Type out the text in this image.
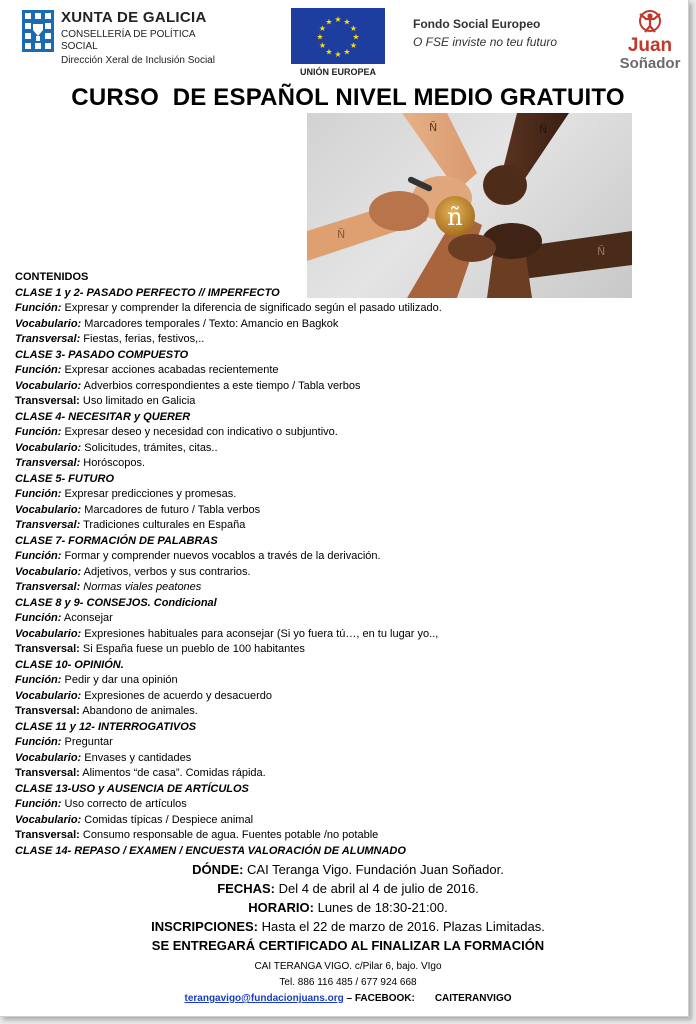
XUNTA DE GALICIA
CONSELLERÍA DE POLÍTICA
SOCIAL
Dirección Xeral de Inclusión Social
★ ★
★
★
★
★
★
★
★
★
★
★
UNIÓN EUROPEA
Fondo Social Europeo
O FSE inviste no teu futuro	Juan
Soñador
CURSO  DE ESPAÑOL NIVEL MEDIO GRATUITO
ñ
Ñ	Ñ
Ñ
Ñ
CONTENIDOS
CLASE 1 y 2- PASADO PERFECTO // IMPERFECTO
Función: Expresar y comprender la diferencia de significado según el pasado utilizado.
Vocabulario: Marcadores temporales / Texto: Amancio en Bagkok
Transversal: Fiestas, ferias, festivos,..
CLASE 3- PASADO COMPUESTO
Función: Expresar acciones acabadas recientemente
Vocabulario: Adverbios correspondientes a este tiempo / Tabla verbos
Transversal: Uso limitado en Galicia
CLASE 4- NECESITAR y QUERER
Función: Expresar deseo y necesidad con indicativo o subjuntivo.
Vocabulario: Solicitudes, trámites, citas..
Transversal: Horóscopos.
CLASE 5- FUTURO
Función: Expresar predicciones y promesas.
Vocabulario: Marcadores de futuro / Tabla verbos
Transversal: Tradiciones culturales en España
CLASE 7- FORMACIÓN DE PALABRAS
Función: Formar y comprender nuevos vocablos a través de la derivación.
Vocabulario: Adjetivos, verbos y sus contrarios.
Transversal: Normas viales peatones
CLASE 8 y 9- CONSEJOS. Condicional
Función: Aconsejar
Vocabulario: Expresiones habituales para aconsejar (Si yo fuera tú…, en tu lugar yo..,
Transversal: Si España fuese un pueblo de 100 habitantes
CLASE 10- OPINIÓN.
Función: Pedir y dar una opinión
Vocabulario: Expresiones de acuerdo y desacuerdo
Transversal: Abandono de animales.
CLASE 11 y 12- INTERROGATIVOS
Función: Preguntar
Vocabulario: Envases y cantidades
Transversal: Alimentos “de casa”. Comidas rápida.
CLASE 13-USO y AUSENCIA DE ARTÍCULOS
Función: Uso correcto de artículos
Vocabulario: Comidas típicas / Despiece animal
Transversal: Consumo responsable de agua. Fuentes potable /no potable
CLASE 14- REPASO / EXAMEN / ENCUESTA VALORACIÓN DE ALUMNADO
DÓNDE: CAI Teranga Vigo. Fundación Juan Soñador.
FECHAS: Del 4 de abril al 4 de julio de 2016.
HORARIO: Lunes de 18:30-21:00.
INSCRIPCIONES: Hasta el 22 de marzo de 2016. Plazas Limitadas.
SE ENTREGARÁ CERTIFICADO AL FINALIZAR LA FORMACIÓN
CAI TERANGA VIGO. c/Pilar 6, bajo. VIgo
Tel. 886 116 485 / 677 924 668
terangavigo@fundacionjuans.org – FACEBOOK: CAITERANVIGO
